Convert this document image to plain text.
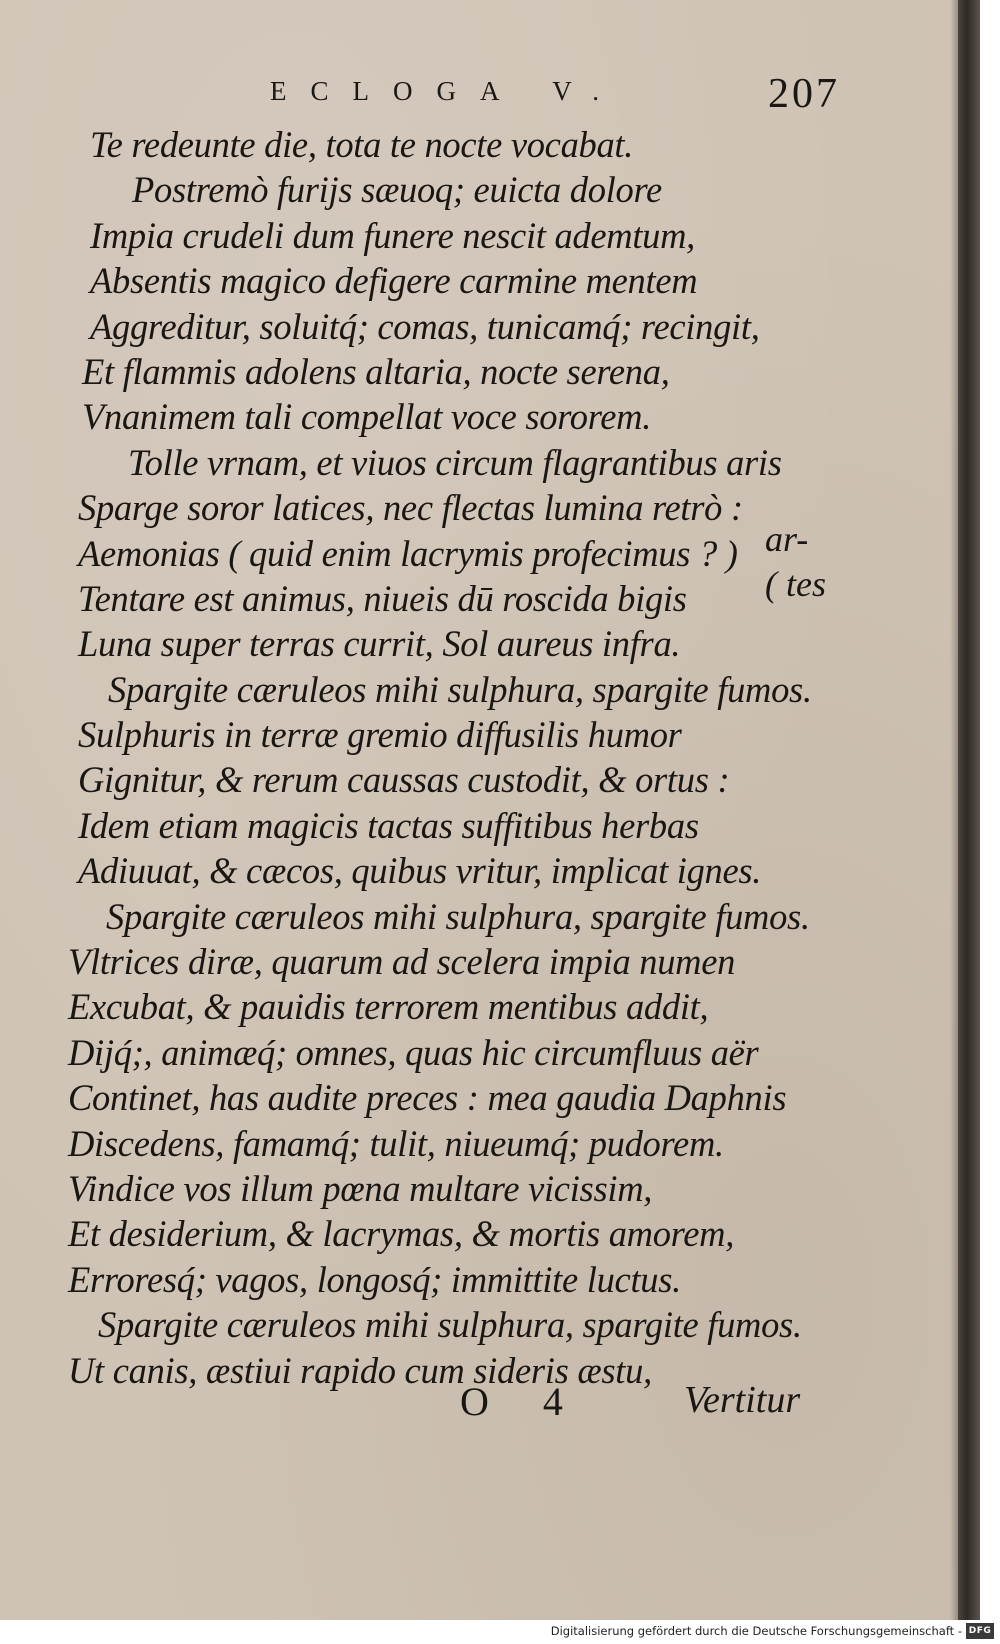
ECLOGA V.	207
Te redeunte die, tota te nocte vocabat.
Postremò furijs sæuoq; euicta dolore
Impia crudeli dum funere nescit ademtum,
Absentis magico defigere carmine mentem
Aggreditur, soluitq́; comas, tunicamq́; recingit,
Et flammis adolens altaria, nocte serena,
Vnanimem tali compellat voce sororem.
Tolle vrnam, et viuos circum flagrantibus aris
Sparge soror latices, nec flectas lumina retrò :
Aemonias ( quid enim lacrymis profecimus ? )
Tentare est animus, niueis dū roscida bigis
Luna super terras currit, Sol aureus infra.
Spargite cæruleos mihi sulphura, spargite fumos.
Sulphuris in terræ gremio diffusilis humor
Gignitur, & rerum caussas custodit, & ortus :
Idem etiam magicis tactas suffitibus herbas
Adiuuat, & cæcos, quibus vritur, implicat ignes.
Spargite cæruleos mihi sulphura, spargite fumos.
Vltrices diræ, quarum ad scelera impia numen
Excubat, & pauidis terrorem mentibus addit,
Dijq́;, animæq́; omnes, quas hic circumfluus aër
Continet, has audite preces : mea gaudia Daphnis
Discedens, famamq́; tulit, niueumq́; pudorem.
Vindice vos illum pœna multare vicissim,
Et desiderium, & lacrymas, & mortis amorem,
Erroresq́; vagos, longosq́; immittite luctus.
Spargite cæruleos mihi sulphura, spargite fumos.
Ut canis, æstiui rapido cum sideris æstu,
ar-
( tes
O 4	Vertitur
Digitalisierung gefördert durch die Deutsche Forschungsgemeinschaft - DFG
